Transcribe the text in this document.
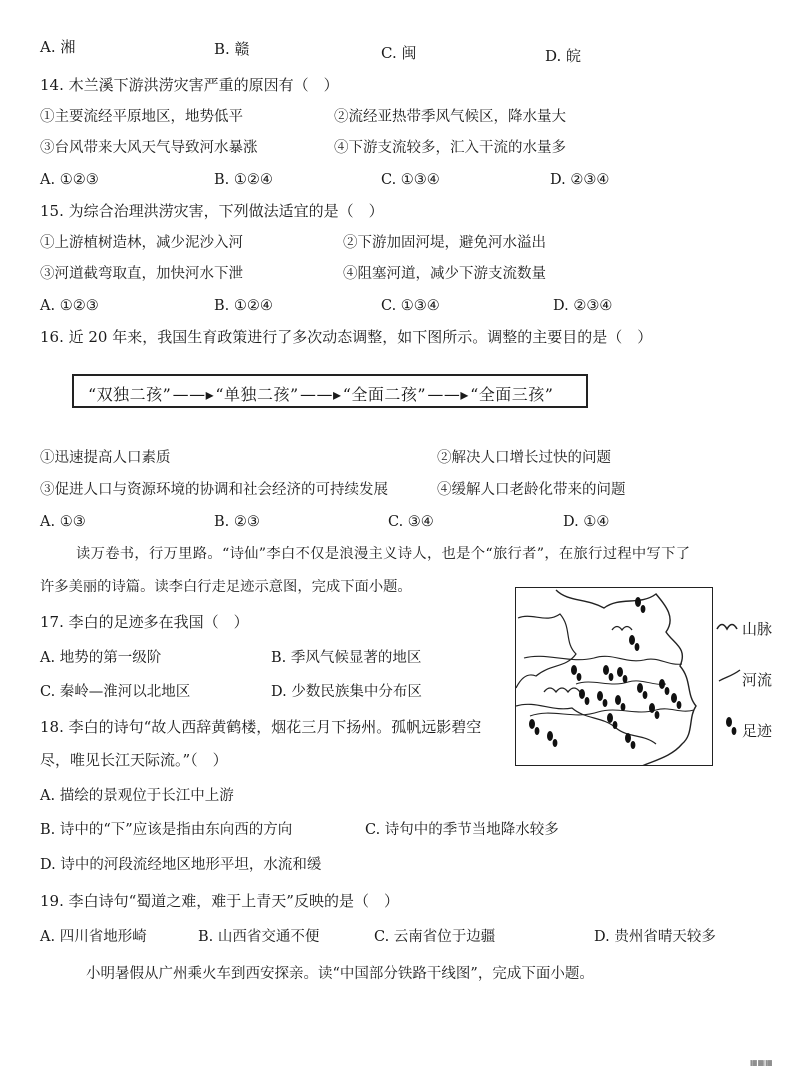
A. 湘	B. 赣	C. 闽	D. 皖
14. 木兰溪下游洪涝灾害严重的原因有（　）
①主要流经平原地区，地势低平	②流经亚热带季风气候区，降水量大
③台风带来大风天气导致河水暴涨	④下游支流较多，汇入干流的水量多
A. ①②③	B. ①②④	C. ①③④	D. ②③④
15. 为综合治理洪涝灾害，下列做法适宜的是（　）
①上游植树造林，减少泥沙入河	②下游加固河堤，避免河水溢出
③河道截弯取直，加快河水下泄	④阻塞河道，减少下游支流数量
A. ①②③	B. ①②④	C. ①③④	D. ②③④
16. 近 20 年来，我国生育政策进行了多次动态调整，如下图所示。调整的主要目的是（　）
“双独二孩”——▸“单独二孩”——▸“全面二孩”——▸“全面三孩”
①迅速提高人口素质	②解决人口增长过快的问题
③促进人口与资源环境的协调和社会经济的可持续发展	④缓解人口老龄化带来的问题
A. ①③	B. ②③	C. ③④	D. ①④
读万卷书，行万里路。“诗仙”李白不仅是浪漫主义诗人，也是个“旅行者”，在旅行过程中写下了
许多美丽的诗篇。读李白行走足迹示意图，完成下面小题。
山脉
河流
足迹
17. 李白的足迹多在我国（　）
A. 地势的第一级阶	B. 季风气候显著的地区
C. 秦岭—淮河以北地区	D. 少数民族集中分布区
18. 李白的诗句“故人西辞黄鹤楼，烟花三月下扬州。孤帆远影碧空
尽，唯见长江天际流。”（　）
A. 描绘的景观位于长江中上游
B. 诗中的“下”应该是指由东向西的方向	C. 诗句中的季节当地降水较多
D. 诗中的河段流经地区地形平坦，水流和缓
19. 李白诗句“蜀道之难，难于上青天”反映的是（　）
A. 四川省地形崎	B. 山西省交通不便	C. 云南省位于边疆	D. 贵州省晴天较多
小明暑假从广州乘火车到西安探亲。读“中国部分铁路干线图”，完成下面小题。
▦▦▦
